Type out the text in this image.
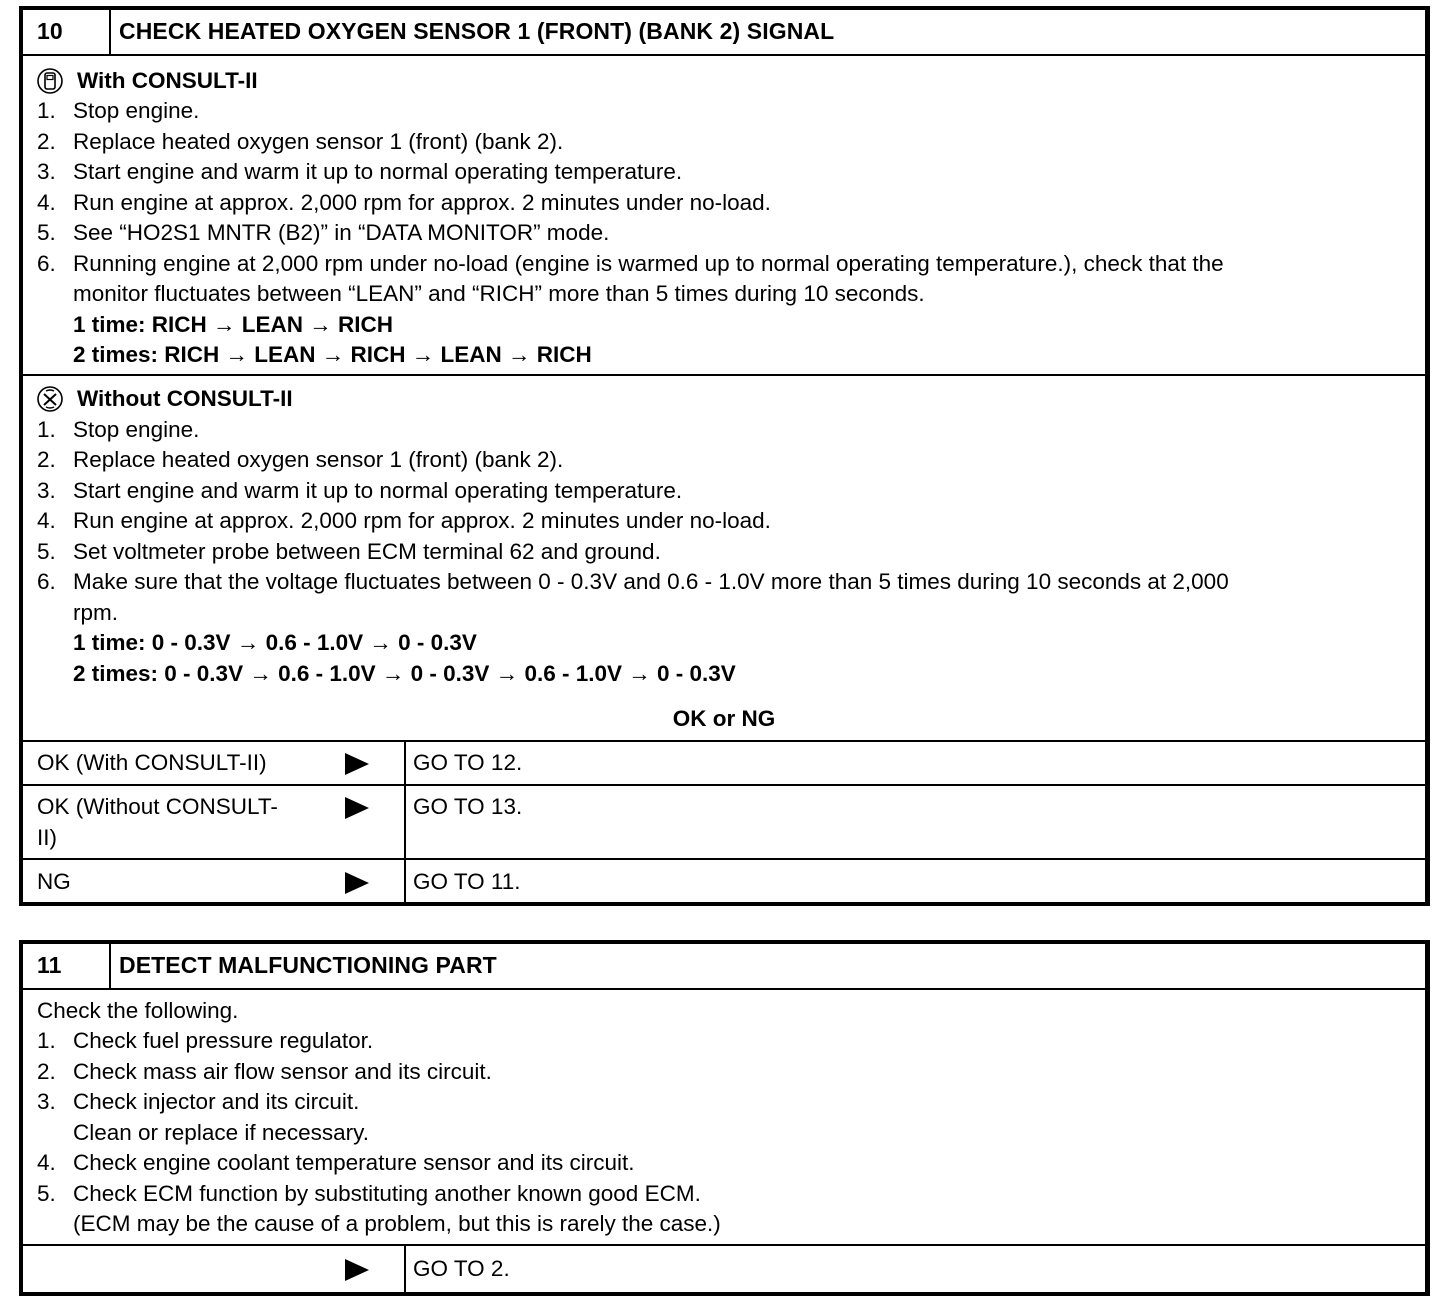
10 CHECK HEATED OXYGEN SENSOR 1 (FRONT) (BANK 2) SIGNAL
With CONSULT-II
1. Stop engine.
2. Replace heated oxygen sensor 1 (front) (bank 2).
3. Start engine and warm it up to normal operating temperature.
4. Run engine at approx. 2,000 rpm for approx. 2 minutes under no-load.
5. See “HO2S1 MNTR (B2)” in “DATA MONITOR” mode.
6. Running engine at 2,000 rpm under no-load (engine is warmed up to normal operating temperature.), check that the
monitor fluctuates between “LEAN” and “RICH” more than 5 times during 10 seconds.
1 time: RICH → LEAN → RICH
2 times: RICH → LEAN → RICH → LEAN → RICH
Without CONSULT-II
1. Stop engine.
2. Replace heated oxygen sensor 1 (front) (bank 2).
3. Start engine and warm it up to normal operating temperature.
4. Run engine at approx. 2,000 rpm for approx. 2 minutes under no-load.
5. Set voltmeter probe between ECM terminal 62 and ground.
6. Make sure that the voltage fluctuates between 0 - 0.3V and 0.6 - 1.0V more than 5 times during 10 seconds at 2,000
rpm.
1 time: 0 - 0.3V → 0.6 - 1.0V → 0 - 0.3V
2 times: 0 - 0.3V → 0.6 - 1.0V → 0 - 0.3V → 0.6 - 1.0V → 0 - 0.3V
OK or NG
OK (With CONSULT-II)	GO TO 12.
OK (Without CONSULT-
II)
GO TO 13.
NG	GO TO 11.
11 DETECT MALFUNCTIONING PART
Check the following.
1. Check fuel pressure regulator.
2. Check mass air flow sensor and its circuit.
3. Check injector and its circuit.
Clean or replace if necessary.
4. Check engine coolant temperature sensor and its circuit.
5. Check ECM function by substituting another known good ECM.
(ECM may be the cause of a problem, but this is rarely the case.)
GO TO 2.
